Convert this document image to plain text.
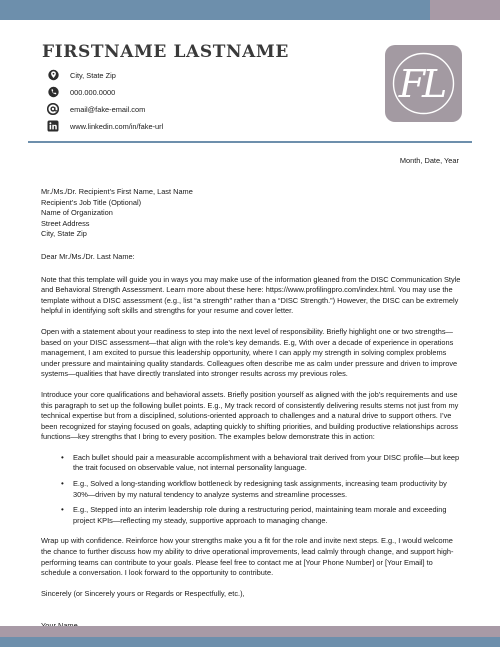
FIRSTNAME LASTNAME
City, State Zip
000.000.0000
email@fake-email.com
www.linkedin.com/in/fake-url
FL
Month, Date, Year

Mr./Ms./Dr. Recipient’s First Name, Last Name
Recipient’s Job Title (Optional)
Name of Organization
Street Address
City, State Zip

Dear Mr./Ms./Dr. Last Name:

Note that this template will guide you in ways you may make use of the information gleaned from the DISC Communication Style and Behavioral Strength Assessment. Learn more about these here: https://www.profilingpro.com/index.html. You may use the template without a DISC assessment (e.g., list “a strength” rather than a “DISC Strength.”) However, the DISC can be extremely helpful in identifying soft skills and strengths for your resume and cover letter.

Open with a statement about your readiness to step into the next level of responsibility. Briefly highlight one or two strengths—based on your DISC assessment—that align with the role’s key demands. E.g, With over a decade of experience in operations management, I am excited to pursue this leadership opportunity, where I can apply my strength in solving complex problems under pressure and maintaining quality standards. Colleagues often describe me as calm under pressure and driven to improve systems—qualities that have directly translated into stronger results across my previous roles.

Introduce your core qualifications and behavioral assets. Briefly position yourself as aligned with the job’s requirements and use this paragraph to set up the following bullet points. E.g., My track record of consistently delivering results stems not just from my technical expertise but from a disciplined, solutions-oriented approach to challenges and a natural drive to support others. I’ve been recognized for staying focused on goals, adapting quickly to shifting priorities, and building productive relationships across functions—key strengths that I bring to every position. The examples below demonstrate this in action:

• Each bullet should pair a measurable accomplishment with a behavioral trait derived from your DISC profile—but keep the trait focused on observable value, not internal personality language.
• E.g., Solved a long-standing workflow bottleneck by redesigning task assignments, increasing team productivity by 30%—driven by my natural tendency to analyze systems and streamline processes.
• E.g., Stepped into an interim leadership role during a restructuring period, maintaining team morale and exceeding project KPIs—reflecting my steady, supportive approach to managing change.

Wrap up with confidence. Reinforce how your strengths make you a fit for the role and invite next steps. E.g., I would welcome the chance to further discuss how my ability to drive operational improvements, lead calmly through change, and support high-performing teams can contribute to your goals. Please feel free to contact me at [Your Phone Number] or [Your Email] to schedule a conversation. I look forward to the opportunity to contribute.

Sincerely (or Sincerely yours or Regards or Respectfully, etc.),
